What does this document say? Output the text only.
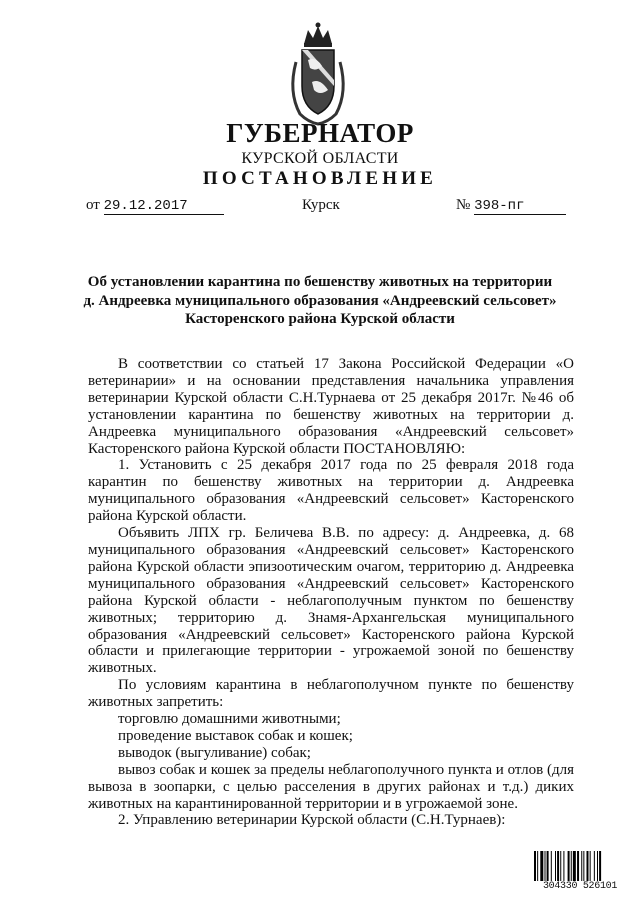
ГУБЕРНАТОР
КУРСКОЙ ОБЛАСТИ
ПОСТАНОВЛЕНИЕ
от 29.12.2017	Курск	№ 398-пг
Об установлении карантина по бешенству животных на территории
д. Андреевка муниципального образования «Андреевский сельсовет»
Касторенского района Курской области

В соответствии со статьей 17 Закона Российской Федерации «О ветеринарии» и на основании представления начальника управления ветеринарии Курской области С.Н.Турнаева от 25 декабря 2017г. №46 об установлении карантина по бешенству животных на территории д. Андреевка муниципального образования «Андреевский сельсовет» Касторенского района Курской области ПОСТАНОВЛЯЮ:

1. Установить с 25 декабря 2017 года по 25 февраля 2018 года карантин по бешенству животных на территории д. Андреевка муниципального образования «Андреевский сельсовет» Касторенского района Курской области.

Объявить ЛПХ гр. Беличева В.В. по адресу: д. Андреевка, д. 68 муниципального образования «Андреевский сельсовет» Касторенского района Курской области эпизоотическим очагом, территорию д. Андреевка муниципального образования «Андреевский сельсовет» Касторенского района Курской области - неблагополучным пунктом по бешенству животных; территорию д. Знамя-Архангельская муниципального образования «Андреевский сельсовет» Касторенского района Курской области и прилегающие территории - угрожаемой зоной по бешенству животных.

По условиям карантина в неблагополучном пункте по бешенству животных запретить:

торговлю домашними животными;

проведение выставок собак и кошек;

выводок (выгуливание) собак;

вывоз собак и кошек за пределы неблагополучного пункта и отлов (для вывоза в зоопарки, с целью расселения в других районах и т.д.) диких животных на карантинированной территории и в угрожаемой зоне.

2. Управлению ветеринарии Курской области (С.Н.Турнаев):

304330 526101
